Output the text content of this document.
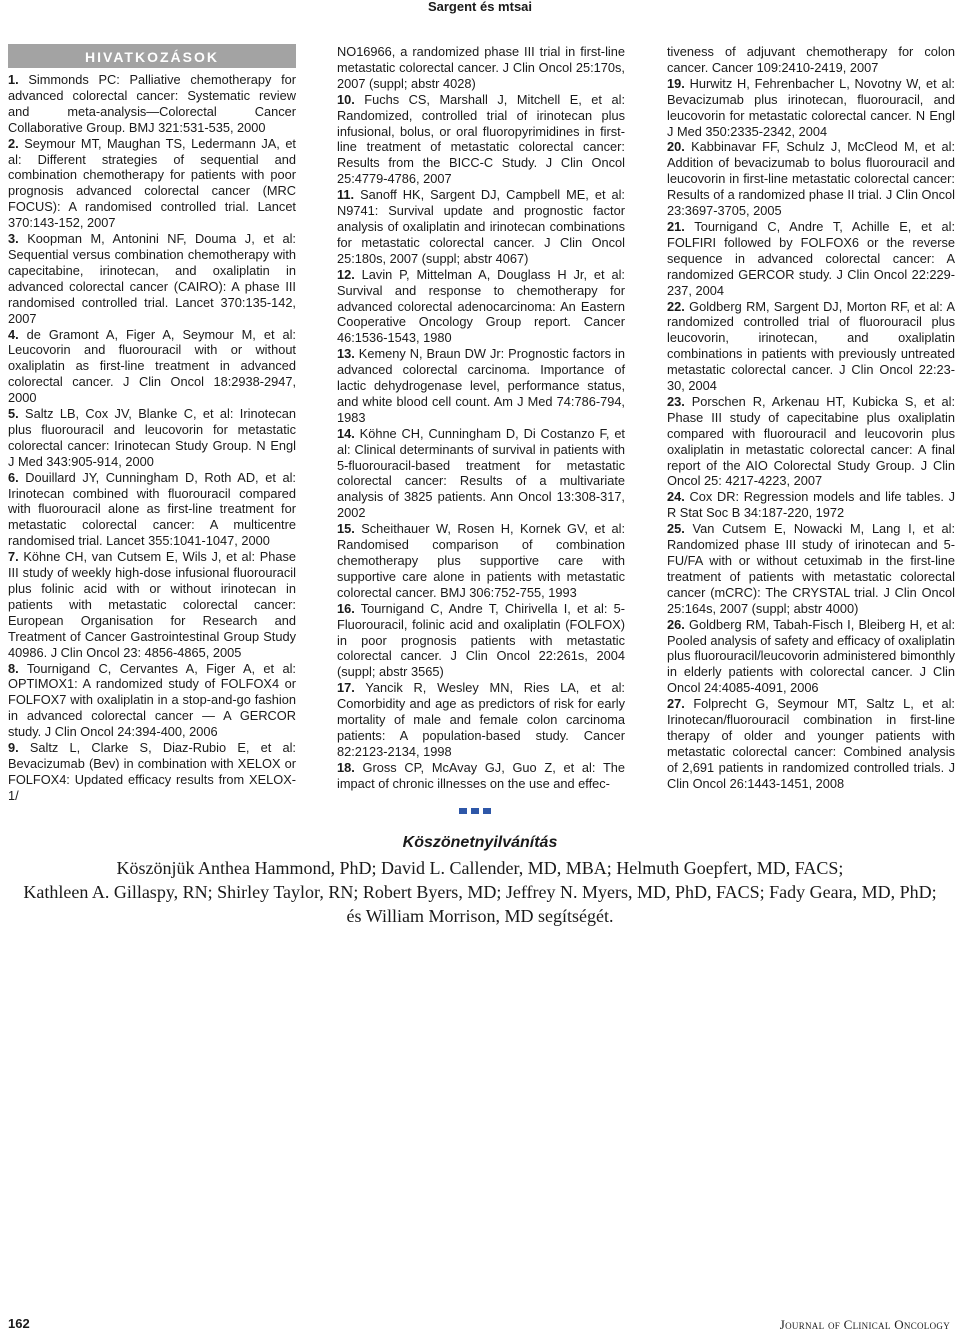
Sargent és mtsai
HIVATKOZÁSOK

1. Simmonds PC: Palliative chemotherapy for advanced colorectal cancer: Systematic review and meta-analysis—Colorectal Cancer Collaborative Group. BMJ 321:531-535, 2000

2. Seymour MT, Maughan TS, Ledermann JA, et al: Different strategies of sequential and combination chemotherapy for patients with poor prognosis advanced colorectal cancer (MRC FOCUS): A randomised controlled trial. Lancet 370:143-152, 2007

3. Koopman M, Antonini NF, Douma J, et al: Sequential versus combination chemotherapy with capecitabine, irinotecan, and oxaliplatin in advanced colorectal cancer (CAIRO): A phase III randomised controlled trial. Lancet 370:135-142, 2007

4. de Gramont A, Figer A, Seymour M, et al: Leucovorin and fluorouracil with or without oxaliplatin as first-line treatment in advanced colorectal cancer. J Clin Oncol 18:2938-2947, 2000

5. Saltz LB, Cox JV, Blanke C, et al: Irinotecan plus fluorouracil and leucovorin for metastatic colorectal cancer: Irinotecan Study Group. N Engl J Med 343:905-914, 2000

6. Douillard JY, Cunningham D, Roth AD, et al: Irinotecan combined with fluorouracil compared with fluorouracil alone as first-line treatment for metastatic colorectal cancer: A multicentre randomised trial. Lancet 355:1041-1047, 2000

7. Köhne CH, van Cutsem E, Wils J, et al: Phase III study of weekly high-dose infusional fluorouracil plus folinic acid with or without irinotecan in patients with metastatic colorectal cancer: European Organisation for Research and Treatment of Cancer Gastrointestinal Group Study 40986. J Clin Oncol 23: 4856-4865, 2005

8. Tournigand C, Cervantes A, Figer A, et al: OPTIMOX1: A randomized study of FOLFOX4 or FOLFOX7 with oxaliplatin in a stop-and-go fashion in advanced colorectal cancer — A GERCOR study. J Clin Oncol 24:394-400, 2006

9. Saltz L, Clarke S, Diaz-Rubio E, et al: Bevacizumab (Bev) in combination with XELOX or FOLFOX4: Updated efficacy results from XELOX-1/

NO16966, a randomized phase III trial in first-line metastatic colorectal cancer. J Clin Oncol 25:170s, 2007 (suppl; abstr 4028)

10. Fuchs CS, Marshall J, Mitchell E, et al: Randomized, controlled trial of irinotecan plus infusional, bolus, or oral fluoropyrimidines in first-line treatment of metastatic colorectal cancer: Results from the BICC-C Study. J Clin Oncol 25:4779-4786, 2007

11. Sanoff HK, Sargent DJ, Campbell ME, et al: N9741: Survival update and prognostic factor analysis of oxaliplatin and irinotecan combinations for metastatic colorectal cancer. J Clin Oncol 25:180s, 2007 (suppl; abstr 4067)

12. Lavin P, Mittelman A, Douglass H Jr, et al: Survival and response to chemotherapy for advanced colorectal adenocarcinoma: An Eastern Cooperative Oncology Group report. Cancer 46:1536-1543, 1980

13. Kemeny N, Braun DW Jr: Prognostic factors in advanced colorectal carcinoma. Importance of lactic dehydrogenase level, performance status, and white blood cell count. Am J Med 74:786-794, 1983

14. Köhne CH, Cunningham D, Di Costanzo F, et al: Clinical determinants of survival in patients with 5-fluorouracil-based treatment for metastatic colorectal cancer: Results of a multivariate analysis of 3825 patients. Ann Oncol 13:308-317, 2002

15. Scheithauer W, Rosen H, Kornek GV, et al: Randomised comparison of combination chemotherapy plus supportive care with supportive care alone in patients with metastatic colorectal cancer. BMJ 306:752-755, 1993

16. Tournigand C, Andre T, Chirivella I, et al: 5-Fluorouracil, folinic acid and oxaliplatin (FOLFOX) in poor prognosis patients with metastatic colorectal cancer. J Clin Oncol 22:261s, 2004 (suppl; abstr 3565)

17. Yancik R, Wesley MN, Ries LA, et al: Comorbidity and age as predictors of risk for early mortality of male and female colon carcinoma patients: A population-based study. Cancer 82:2123-2134, 1998

18. Gross CP, McAvay GJ, Guo Z, et al: The impact of chronic illnesses on the use and effec-

tiveness of adjuvant chemotherapy for colon cancer. Cancer 109:2410-2419, 2007

19. Hurwitz H, Fehrenbacher L, Novotny W, et al: Bevacizumab plus irinotecan, fluorouracil, and leucovorin for metastatic colorectal cancer. N Engl J Med 350:2335-2342, 2004

20. Kabbinavar FF, Schulz J, McCleod M, et al: Addition of bevacizumab to bolus fluorouracil and leucovorin in first-line metastatic colorectal cancer: Results of a randomized phase II trial. J Clin Oncol 23:3697-3705, 2005

21. Tournigand C, Andre T, Achille E, et al: FOLFIRI followed by FOLFOX6 or the reverse sequence in advanced colorectal cancer: A randomized GERCOR study. J Clin Oncol 22:229-237, 2004

22. Goldberg RM, Sargent DJ, Morton RF, et al: A randomized controlled trial of fluorouracil plus leucovorin, irinotecan, and oxaliplatin combinations in patients with previously untreated metastatic colorectal cancer. J Clin Oncol 22:23-30, 2004

23. Porschen R, Arkenau HT, Kubicka S, et al: Phase III study of capecitabine plus oxaliplatin compared with fluorouracil and leucovorin plus oxaliplatin in metastatic colorectal cancer: A final report of the AIO Colorectal Study Group. J Clin Oncol 25: 4217-4223, 2007

24. Cox DR: Regression models and life tables. J R Stat Soc B 34:187-220, 1972

25. Van Cutsem E, Nowacki M, Lang I, et al: Randomized phase III study of irinotecan and 5-FU/FA with or without cetuximab in the first-line treatment of patients with metastatic colorectal cancer (mCRC): The CRYSTAL trial. J Clin Oncol 25:164s, 2007 (suppl; abstr 4000)

26. Goldberg RM, Tabah-Fisch I, Bleiberg H, et al: Pooled analysis of safety and efficacy of oxaliplatin plus fluorouracil/leucovorin administered bimonthly in elderly patients with colorectal cancer. J Clin Oncol 24:4085-4091, 2006

27. Folprecht G, Seymour MT, Saltz L, et al: Irinotecan/fluorouracil combination in first-line therapy of older and younger patients with metastatic colorectal cancer: Combined analysis of 2,691 patients in randomized controlled trials. J Clin Oncol 26:1443-1451, 2008

Köszönetnyilvánítás
Köszönjük Anthea Hammond, PhD; David L. Callender, MD, MBA; Helmuth Goepfert, MD, FACS;
Kathleen A. Gillaspy, RN; Shirley Taylor, RN; Robert Byers, MD; Jeffrey N. Myers, MD, PhD, FACS; Fady Geara, MD, PhD;
és William Morrison, MD segítségét.
162	Journal of Clinical Oncology
